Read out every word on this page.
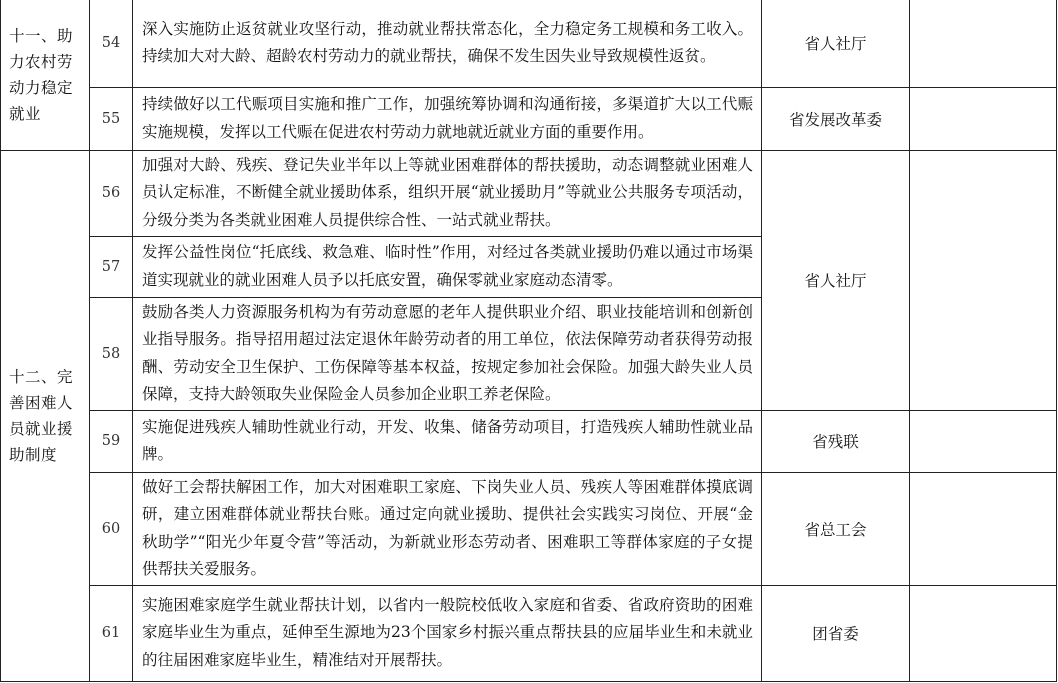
十一、助力农村劳动力稳定就业	54	深入实施防止返贫就业攻坚行动，推动就业帮扶常态化，全力稳定务工规模和务工收入。持续加大对大龄、超龄农村劳动力的就业帮扶，确保不发生因失业导致规模性返贫。	省人社厅	
	55	持续做好以工代赈项目实施和推广工作，加强统筹协调和沟通衔接，多渠道扩大以工代赈实施规模，发挥以工代赈在促进农村劳动力就地就近就业方面的重要作用。	省发展改革委	
十二、完善困难人员就业援助制度	56	加强对大龄、残疾、登记失业半年以上等就业困难群体的帮扶援助，动态调整就业困难人员认定标准，不断健全就业援助体系，组织开展“就业援助月”等就业公共服务专项活动，分级分类为各类就业困难人员提供综合性、一站式就业帮扶。	省人社厅	
	57	发挥公益性岗位“托底线、救急难、临时性”作用，对经过各类就业援助仍难以通过市场渠道实现就业的就业困难人员予以托底安置，确保零就业家庭动态清零。		
	58	鼓励各类人力资源服务机构为有劳动意愿的老年人提供职业介绍、职业技能培训和创新创业指导服务。指导招用超过法定退休年龄劳动者的用工单位，依法保障劳动者获得劳动报酬、劳动安全卫生保护、工伤保障等基本权益，按规定参加社会保险。加强大龄失业人员保障，支持大龄领取失业保险金人员参加企业职工养老保险。		
	59	实施促进残疾人辅助性就业行动，开发、收集、储备劳动项目，打造残疾人辅助性就业品牌。	省残联	
	60	做好工会帮扶解困工作，加大对困难职工家庭、下岗失业人员、残疾人等困难群体摸底调研，建立困难群体就业帮扶台账。通过定向就业援助、提供社会实践实习岗位、开展“金秋助学”“阳光少年夏令营”等活动，为新就业形态劳动者、困难职工等群体家庭的子女提供帮扶关爱服务。	省总工会	
	61	实施困难家庭学生就业帮扶计划，以省内一般院校低收入家庭和省委、省政府资助的困难家庭毕业生为重点，延伸至生源地为23个国家乡村振兴重点帮扶县的应届毕业生和未就业的往届困难家庭毕业生，精准结对开展帮扶。	团省委	
